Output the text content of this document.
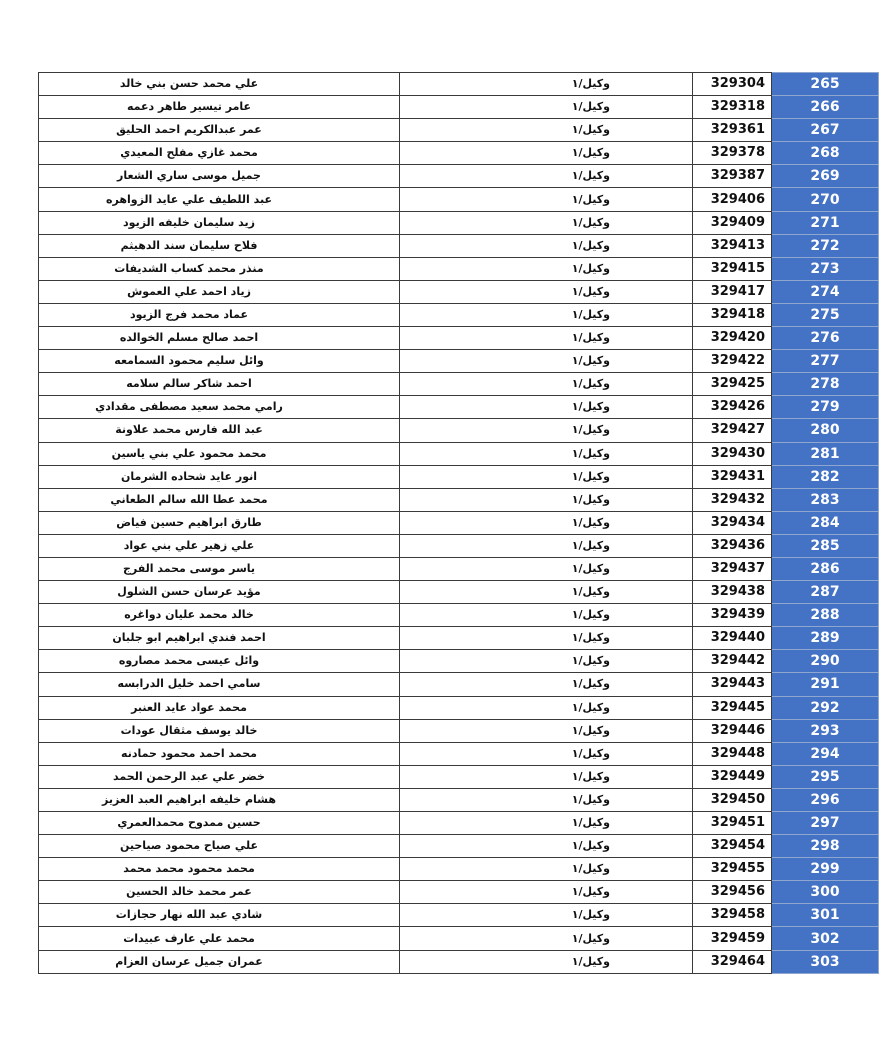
علي محمد حسن بني خالد	وكيل/١	329304	265
عامر تيسير طاهر دعمه	وكيل/١	329318	266
عمر عبدالكريم احمد الحليق	وكيل/١	329361	267
محمد غازي مفلح المعيدي	وكيل/١	329378	268
جميل موسى ساري الشعار	وكيل/١	329387	269
عبد اللطيف علي عايد الزواهره	وكيل/١	329406	270
زيد سليمان خليفه الزيود	وكيل/١	329409	271
فلاح سليمان سند الدهيثم	وكيل/١	329413	272
منذر محمد كساب الشديفات	وكيل/١	329415	273
زياد احمد علي العموش	وكيل/١	329417	274
عماد محمد فرج الزيود	وكيل/١	329418	275
احمد صالح مسلم الخوالده	وكيل/١	329420	276
وائل سليم محمود السمامعه	وكيل/١	329422	277
احمد شاكر سالم سلامه	وكيل/١	329425	278
رامي محمد سعيد مصطفى مقدادي	وكيل/١	329426	279
عبد الله فارس محمد علاونة	وكيل/١	329427	280
محمد محمود علي بني ياسين	وكيل/١	329430	281
انور عايد شحاده الشرمان	وكيل/١	329431	282
محمد عطا الله سالم الطعاني	وكيل/١	329432	283
طارق ابراهيم حسين فياض	وكيل/١	329434	284
علي زهير علي بني عواد	وكيل/١	329436	285
ياسر موسى محمد الفرج	وكيل/١	329437	286
مؤيد عرسان حسن الشلول	وكيل/١	329438	287
خالد محمد عليان دواغره	وكيل/١	329439	288
احمد فندي ابراهيم ابو جلبان	وكيل/١	329440	289
وائل عيسى محمد مصاروه	وكيل/١	329442	290
سامي احمد خليل الدرابسه	وكيل/١	329443	291
محمد عواد عايد العنبر	وكيل/١	329445	292
خالد يوسف مثقال عودات	وكيل/١	329446	293
محمد احمد محمود حمادنه	وكيل/١	329448	294
خضر علي عبد الرحمن الحمد	وكيل/١	329449	295
هشام خليفه ابراهيم العبد العزيز	وكيل/١	329450	296
حسين ممدوح محمدالعمري	وكيل/١	329451	297
علي صياح محمود صياحين	وكيل/١	329454	298
محمد محمود محمد محمد	وكيل/١	329455	299
عمر محمد خالد الحسين	وكيل/١	329456	300
شادي عبد الله نهار حجازات	وكيل/١	329458	301
محمد علي عارف عبيدات	وكيل/١	329459	302
عمران جميل عرسان العزام	وكيل/١	329464	303
